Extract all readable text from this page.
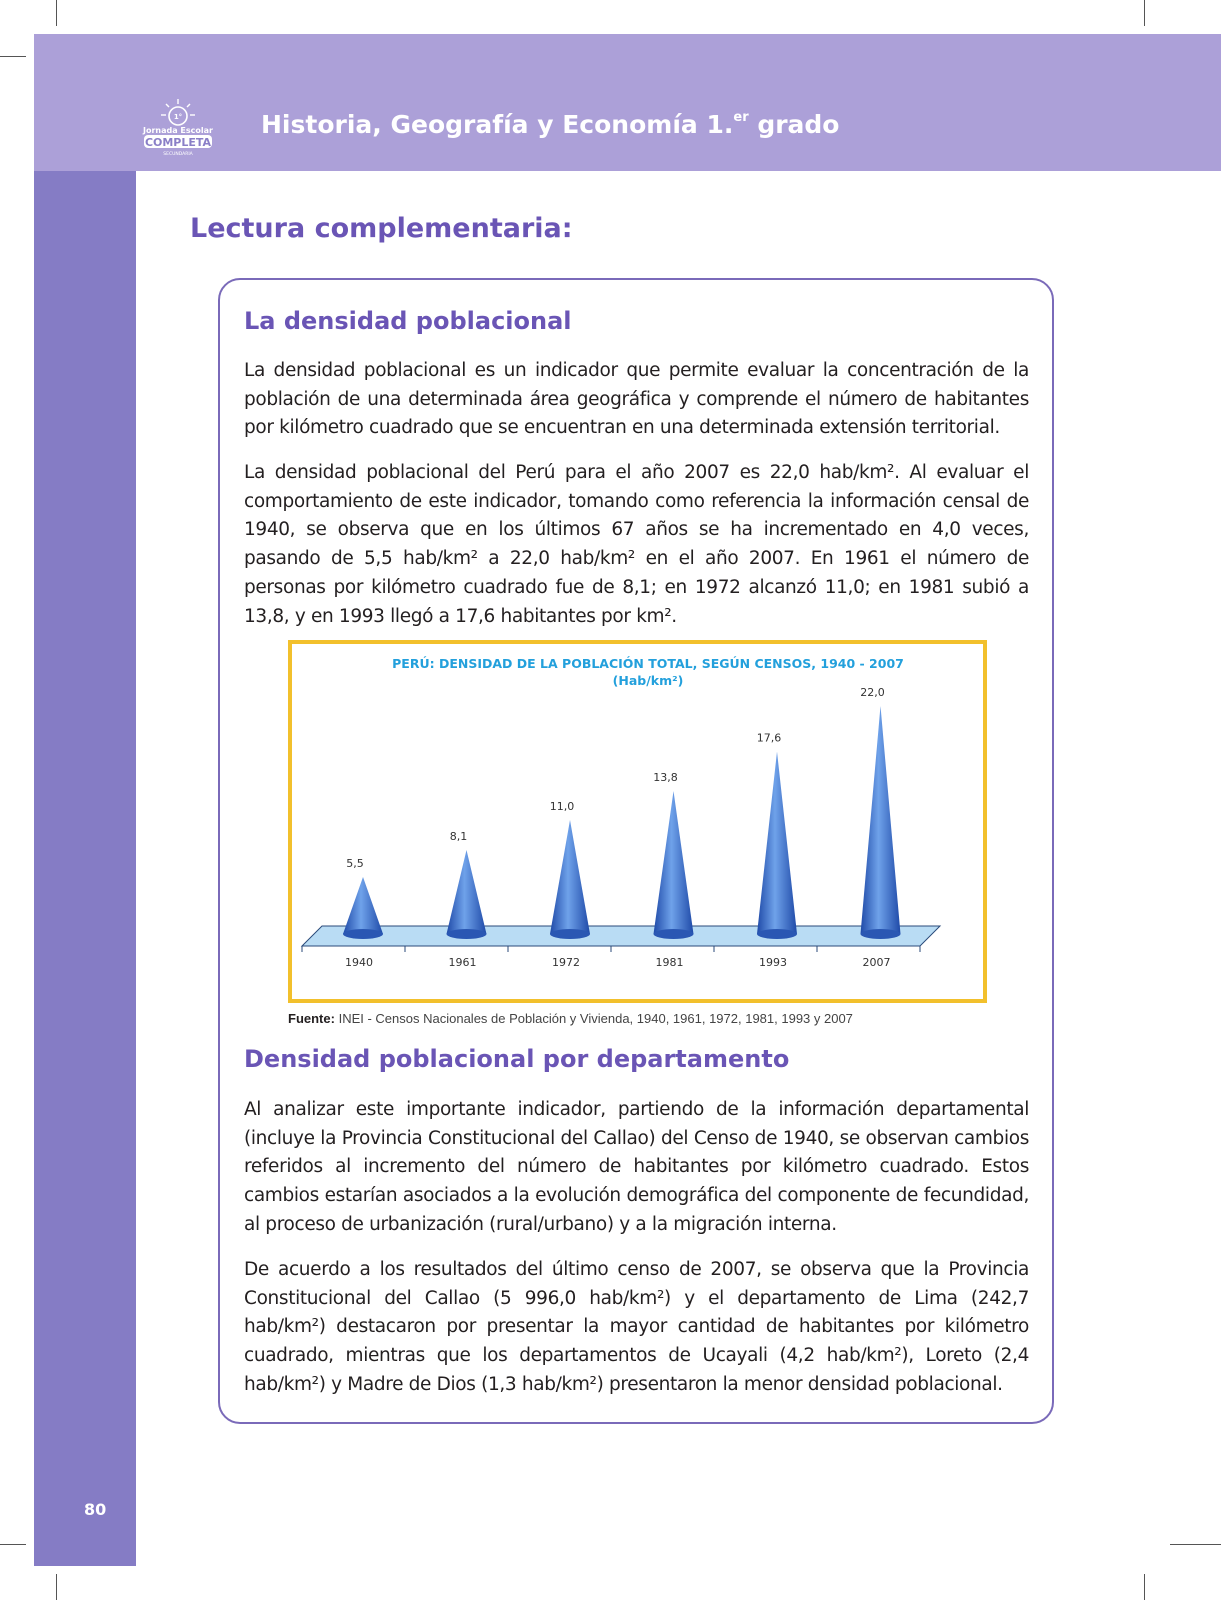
1°
Jornada Escolar
COMPLETA
SECUNDARIA
Historia, Geografía y Economía 1.$^{er}$ grado
80
Lectura complementaria:
La densidad poblacional

La densidad poblacional es un indicador que permite evaluar la concentración de la población de una determinada área geográfica y comprende el número de habitantes por kilómetro cuadrado que se encuentran en una determinada extensión territorial.

La densidad poblacional del Perú para el año 2007 es 22,0 hab/km². Al evaluar el comportamiento de este indicador, tomando como referencia la información censal de 1940, se observa que en los últimos 67 años se ha incrementado en 4,0 veces, pasando de 5,5 hab/km² a 22,0 hab/km² en el año 2007. En 1961 el número de personas por kilómetro cuadrado fue de 8,1; en 1972 alcanzó 11,0; en 1981 subió a 13,8, y en 1993 llegó a 17,6 habitantes por km².

PERÚ: DENSIDAD DE LA POBLACIÓN TOTAL, SEGÚN CENSOS, 1940 - 2007
(Hab/km²)
5,5
8,1
11,0
13,8
17,6
22,0
1940	1961	1972	1981	1993	2007
Fuente: INEI - Censos Nacionales de Población y Vivienda, 1940, 1961, 1972, 1981, 1993 y 2007
Densidad poblacional por departamento

Al analizar este importante indicador, partiendo de la información departamental (incluye la Provincia Constitucional del Callao) del Censo de 1940, se observan cambios referidos al incremento del número de habitantes por kilómetro cuadrado. Estos cambios estarían asociados a la evolución demográfica del componente de fecundidad, al proceso de urbanización (rural/urbano) y a la migración interna.

De acuerdo a los resultados del último censo de 2007, se observa que la Provincia Constitucional del Callao (5 996,0 hab/km²) y el departamento de Lima (242,7 hab/km²) destacaron por presentar la mayor cantidad de habitantes por kilómetro cuadrado, mientras que los departamentos de Ucayali (4,2 hab/km²), Loreto (2,4 hab/km²) y Madre de Dios (1,3 hab/km²) presentaron la menor densidad poblacional.
